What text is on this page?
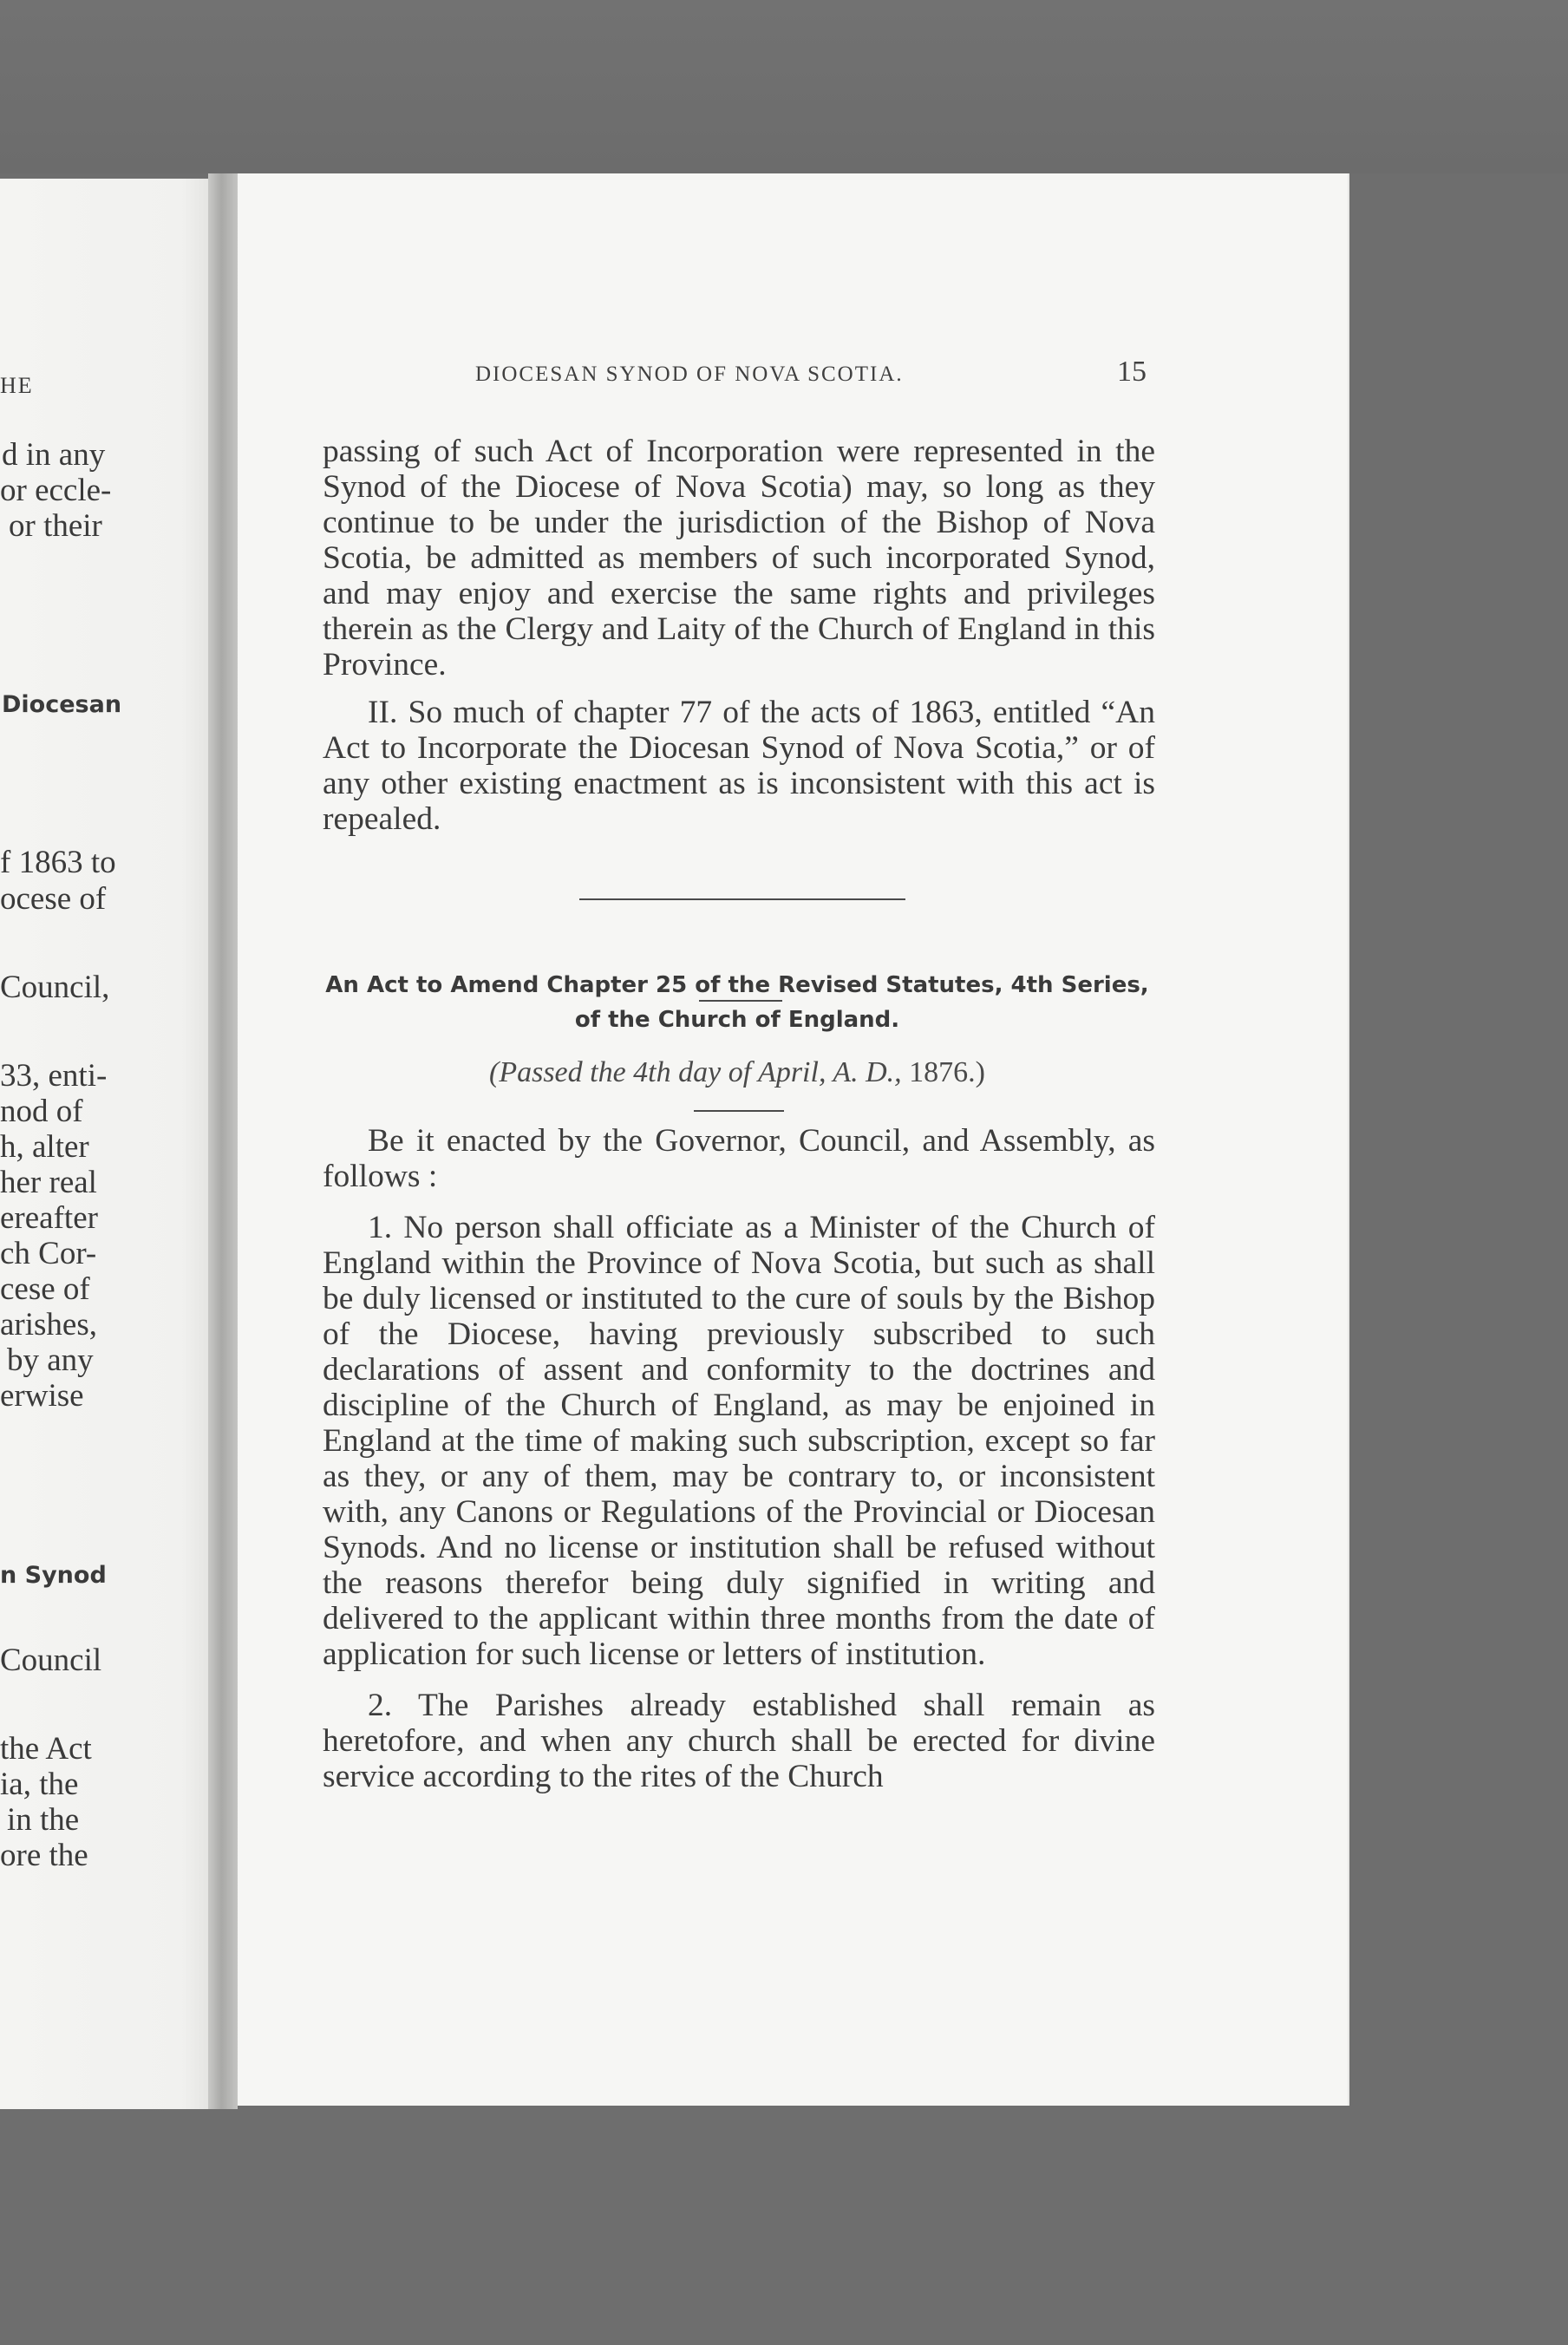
HE
d in any
or eccle-
or their
Diocesan
f 1863 to
ocese of
Council,
33, enti-
nod of
h, alter
her real
ereafter
ch Cor-
cese of
arishes,
by any
erwise
n Synod
Council
the Act
ia, the
in the
ore the
DIOCESAN SYNOD OF NOVA SCOTIA.	15

passing of such Act of Incorporation were represented in the Synod of the Diocese of Nova Scotia) may, so long as they continue to be under the jurisdiction of the Bishop of Nova Scotia, be admitted as members of such incorporated Synod, and may enjoy and exercise the same rights and privileges therein as the Clergy and Laity of the Church of England in this Province.

II. So much of chapter 77 of the acts of 1863, entitled “An Act to Incorporate the Diocesan Synod of Nova Scotia,” or of any other existing enactment as is inconsistent with this act is repealed.

An Act to Amend Chapter 25 of the Revised Statutes, 4th Series,
of the Church of England.
(Passed the 4th day of April, A. D., 1876.)

Be it enacted by the Governor, Council, and Assembly, as follows :

1. No person shall officiate as a Minister of the Church of England within the Province of Nova Scotia, but such as shall be duly licensed or instituted to the cure of souls by the Bishop of the Diocese, having previously subscribed to such declarations of assent and conformity to the doctrines and discipline of the Church of England, as may be enjoined in England at the time of making such subscription, except so far as they, or any of them, may be contrary to, or inconsistent with, any Canons or Regulations of the Provincial or Diocesan Synods. And no license or institution shall be refused without the reasons therefor being duly signified in writing and delivered to the applicant within three months from the date of application for such license or letters of institution.

2. The Parishes already established shall remain as heretofore, and when any church shall be erected for divine service according to the rites of the Church
